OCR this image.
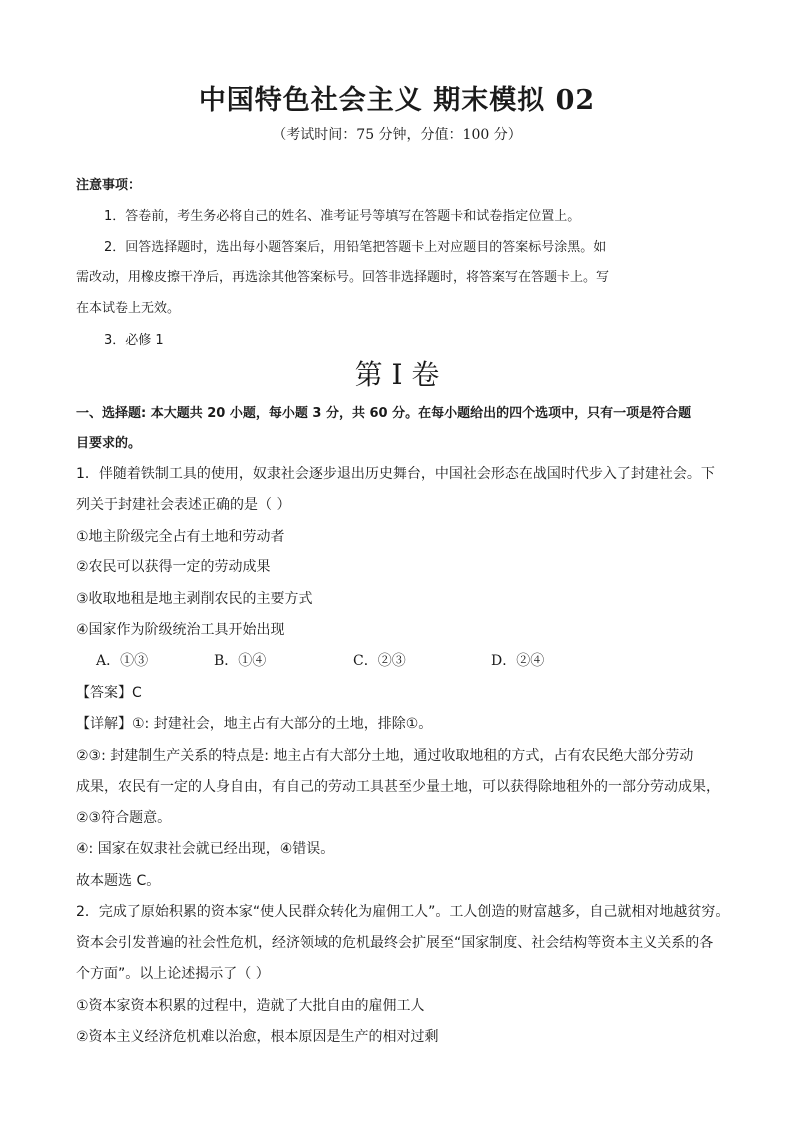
中国特色社会主义 期末模拟 02
（考试时间：75 分钟，分值：100 分）
注意事项：
1．答卷前，考生务必将自己的姓名、准考证号等填写在答题卡和试卷指定位置上。
2．回答选择题时，选出每小题答案后，用铅笔把答题卡上对应题目的答案标号涂黑。如
需改动，用橡皮擦干净后，再选涂其他答案标号。回答非选择题时，将答案写在答题卡上。写
在本试卷上无效。
3．必修 1
第 I 卷
一、选择题: 本大题共 20 小题，每小题 3 分，共 60 分。在每小题给出的四个选项中，只有一项是符合题
目要求的。
1．伴随着铁制工具的使用，奴隶社会逐步退出历史舞台，中国社会形态在战国时代步入了封建社会。下
列关于封建社会表述正确的是（ ）
①地主阶级完全占有土地和劳动者
②农民可以获得一定的劳动成果
③收取地租是地主剥削农民的主要方式
④国家作为阶级统治工具开始出现
A．①③	B．①④	C．②③	D．②④
【答案】C
【详解】①: 封建社会，地主占有大部分的土地，排除①。
②③: 封建制生产关系的特点是: 地主占有大部分土地，通过收取地租的方式，占有农民绝大部分劳动
成果，农民有一定的人身自由，有自己的劳动工具甚至少量土地，可以获得除地租外的一部分劳动成果，
②③符合题意。
④: 国家在奴隶社会就已经出现，④错误。
故本题选 C。
2．完成了原始积累的资本家“使人民群众转化为雇佣工人”。工人创造的财富越多，自己就相对地越贫穷。
资本会引发普遍的社会性危机，经济领域的危机最终会扩展至“国家制度、社会结构等资本主义关系的各
个方面”。以上论述揭示了（ ）
①资本家资本积累的过程中，造就了大批自由的雇佣工人
②资本主义经济危机难以治愈，根本原因是生产的相对过剩
